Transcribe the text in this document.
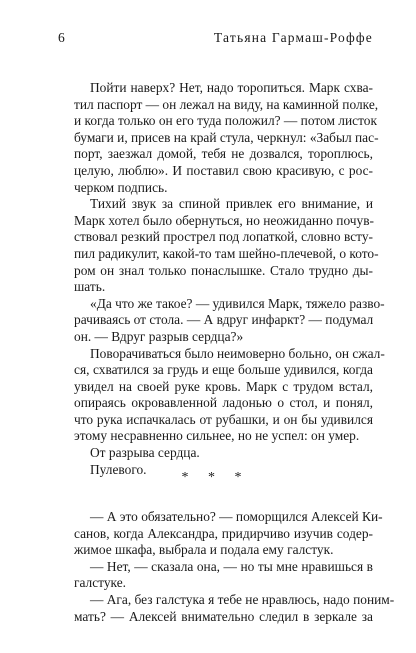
6	Татьяна Гармаш-Роффе

Пойти наверх? Нет, надо торопиться. Марк схва-
тил паспорт — он лежал на виду, на каминной полке,
и когда только он его туда положил? — потом листок
бумаги и, присев на край стула, черкнул: «Забыл пас-
порт, заезжал домой, тебя не дозвался, тороплюсь,
целую, люблю». И поставил свою красивую, с рос-
черком подпись.

Тихий звук за спиной привлек его внимание, и
Марк хотел было обернуться, но неожиданно почув-
ствовал резкий прострел под лопаткой, словно всту-
пил радикулит, какой-то там шейно-плечевой, о кото-
ром он знал только понаслышке. Стало трудно ды-
шать.

«Да что же такое? — удивился Марк, тяжело разво-
рачиваясь от стола. — А вдруг инфаркт? — подумал
он. — Вдруг разрыв сердца?»

Поворачиваться было неимоверно больно, он сжал-
ся, схватился за грудь и еще больше удивился, когда
увидел на своей руке кровь. Марк с трудом встал,
опираясь окровавленной ладонью о стол, и понял,
что рука испачкалась от рубашки, и он бы удивился
этому несравненно сильнее, но не успел: он умер.

От разрыва сердца.

Пулевого.

* * *

— А это обязательно? — поморщился Алексей Ки-
санов, когда Александра, придирчиво изучив содер-
жимое шкафа, выбрала и подала ему галстук.

— Нет, — сказала она, — но ты мне нравишься в
галстуке.

— Ага, без галстука я тебе не нравлюсь, надо поним-
мать? — Алексей внимательно следил в зеркале за
